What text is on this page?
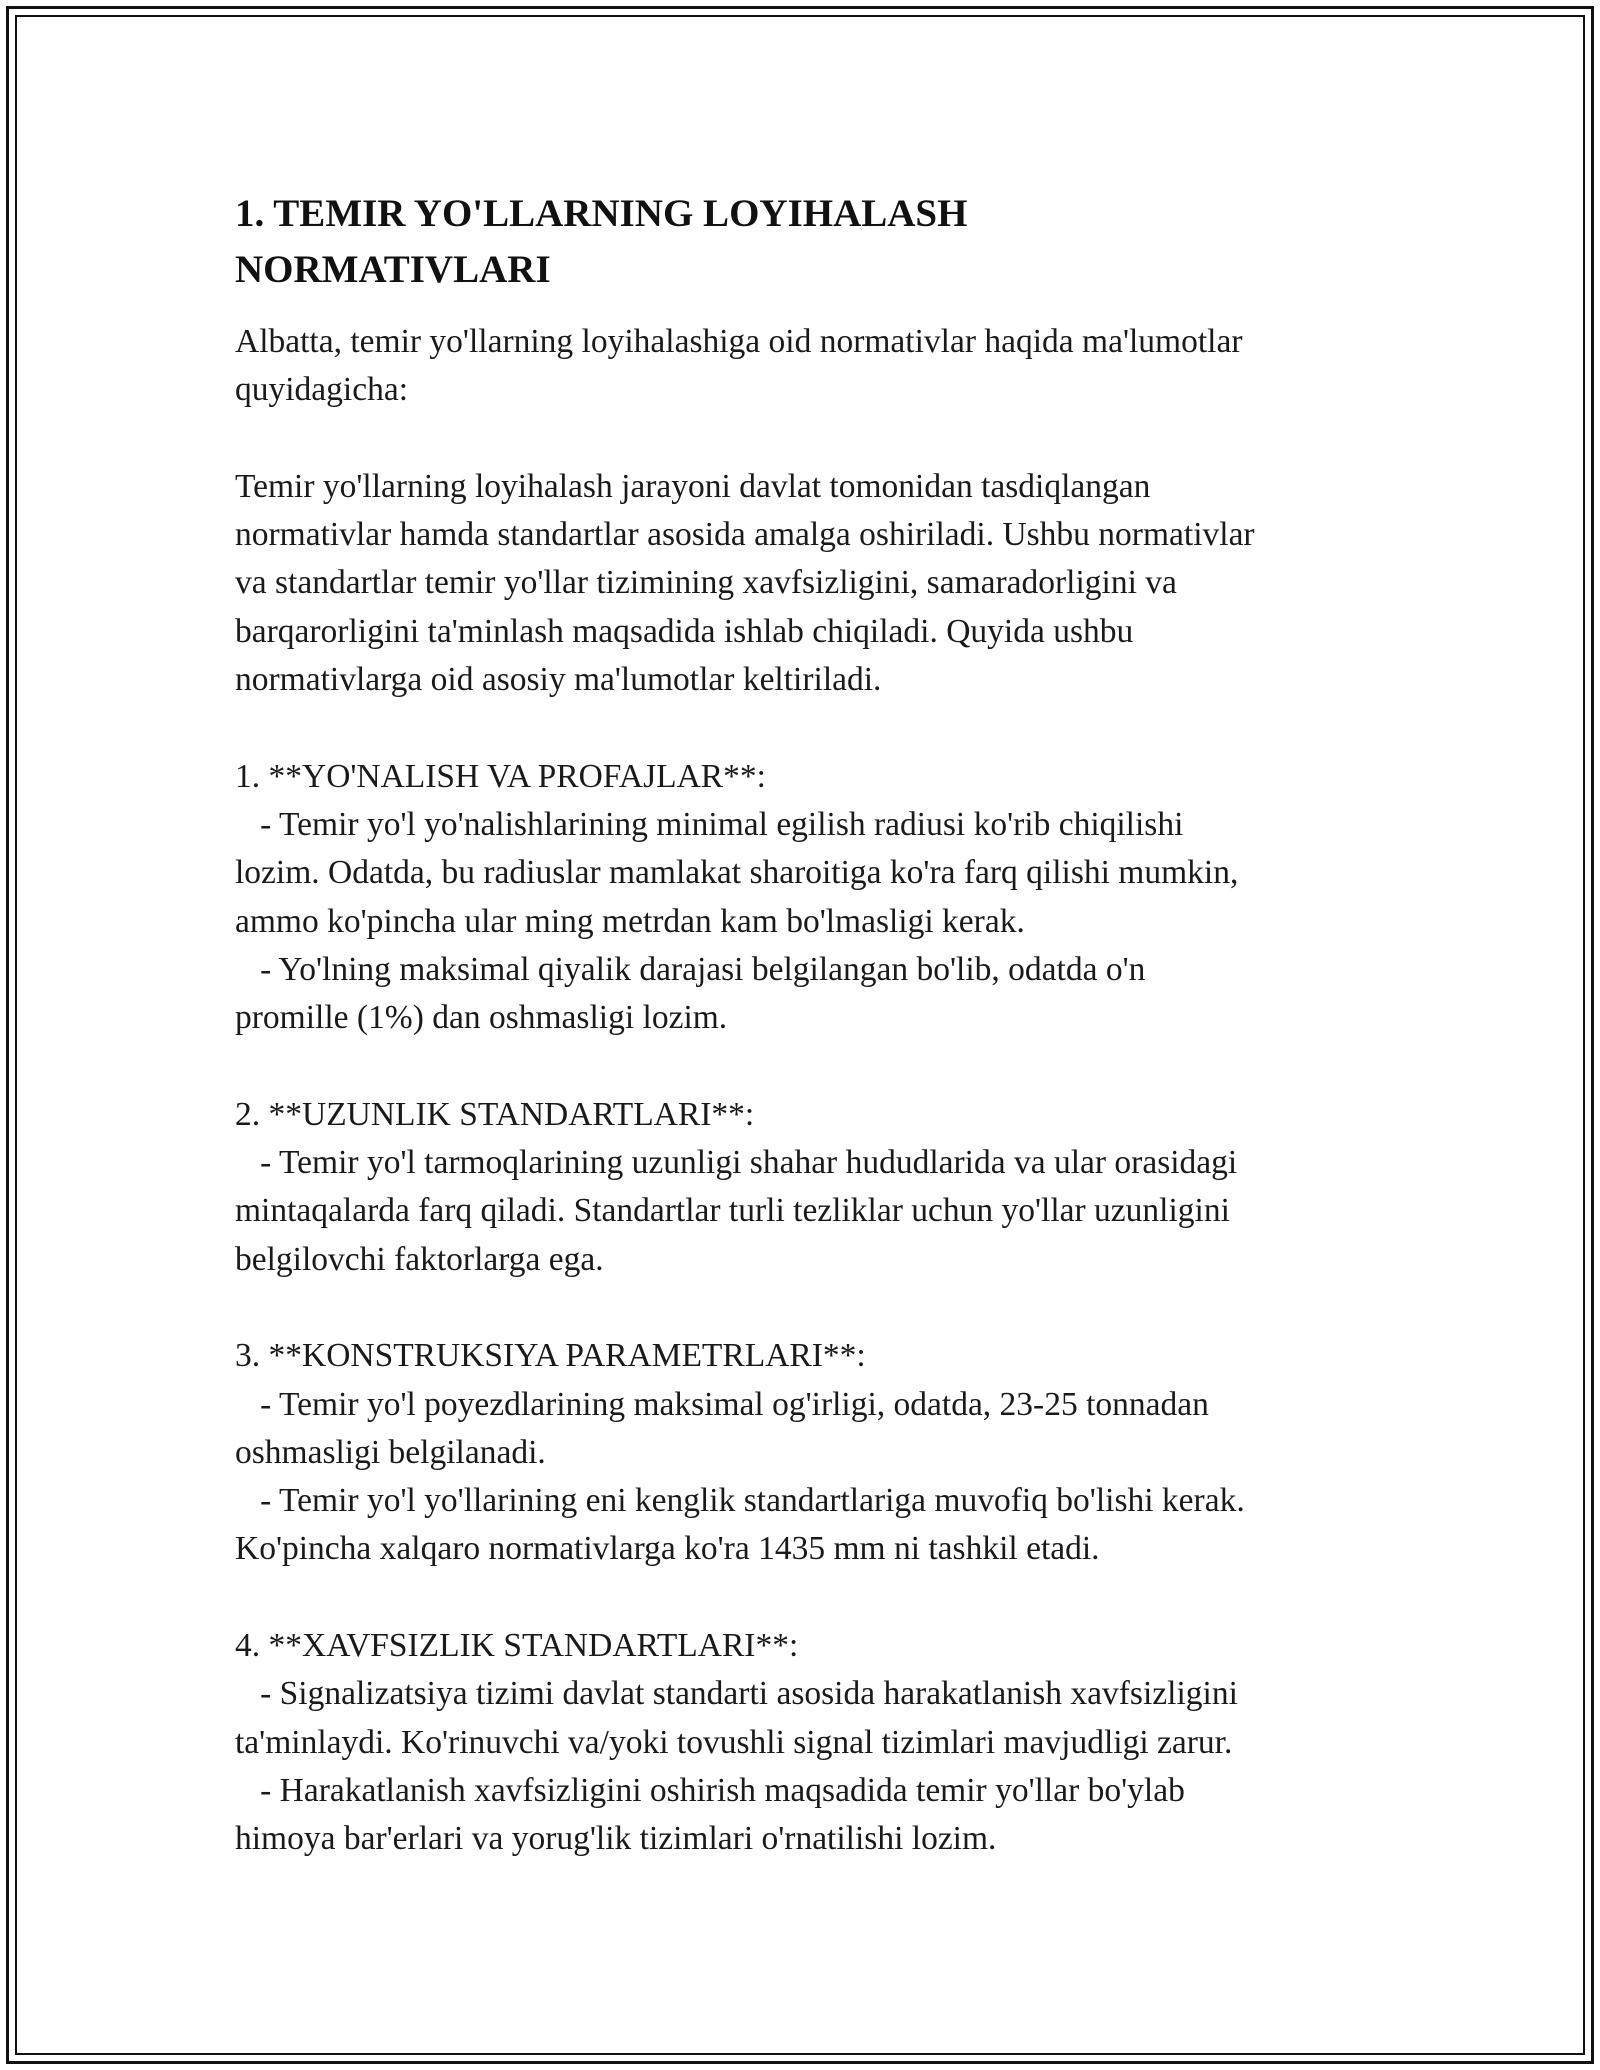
1. TEMIR YO'LLARNING LOYIHALASH
NORMATIVLARI

Albatta, temir yo'llarning loyihalashiga oid normativlar haqida ma'lumotlar
quyidagicha:

Temir yo'llarning loyihalash jarayoni davlat tomonidan tasdiqlangan
normativlar hamda standartlar asosida amalga oshiriladi. Ushbu normativlar
va standartlar temir yo'llar tizimining xavfsizligini, samaradorligini va
barqarorligini ta'minlash maqsadida ishlab chiqiladi. Quyida ushbu
normativlarga oid asosiy ma'lumotlar keltiriladi.

1. **YO'NALISH VA PROFAJLAR**:
- Temir yo'l yo'nalishlarining minimal egilish radiusi ko'rib chiqilishi
lozim. Odatda, bu radiuslar mamlakat sharoitiga ko'ra farq qilishi mumkin,
ammo ko'pincha ular ming metrdan kam bo'lmasligi kerak.
- Yo'lning maksimal qiyalik darajasi belgilangan bo'lib, odatda o'n
promille (1%) dan oshmasligi lozim.

2. **UZUNLIK STANDARTLARI**:
- Temir yo'l tarmoqlarining uzunligi shahar hududlarida va ular orasidagi
mintaqalarda farq qiladi. Standartlar turli tezliklar uchun yo'llar uzunligini
belgilovchi faktorlarga ega.

3. **KONSTRUKSIYA PARAMETRLARI**:
- Temir yo'l poyezdlarining maksimal og'irligi, odatda, 23-25 tonnadan
oshmasligi belgilanadi.
- Temir yo'l yo'llarining eni kenglik standartlariga muvofiq bo'lishi kerak.
Ko'pincha xalqaro normativlarga ko'ra 1435 mm ni tashkil etadi.

4. **XAVFSIZLIK STANDARTLARI**:
- Signalizatsiya tizimi davlat standarti asosida harakatlanish xavfsizligini
ta'minlaydi. Ko'rinuvchi va/yoki tovushli signal tizimlari mavjudligi zarur.
- Harakatlanish xavfsizligini oshirish maqsadida temir yo'llar bo'ylab
himoya bar'erlari va yorug'lik tizimlari o'rnatilishi lozim.
